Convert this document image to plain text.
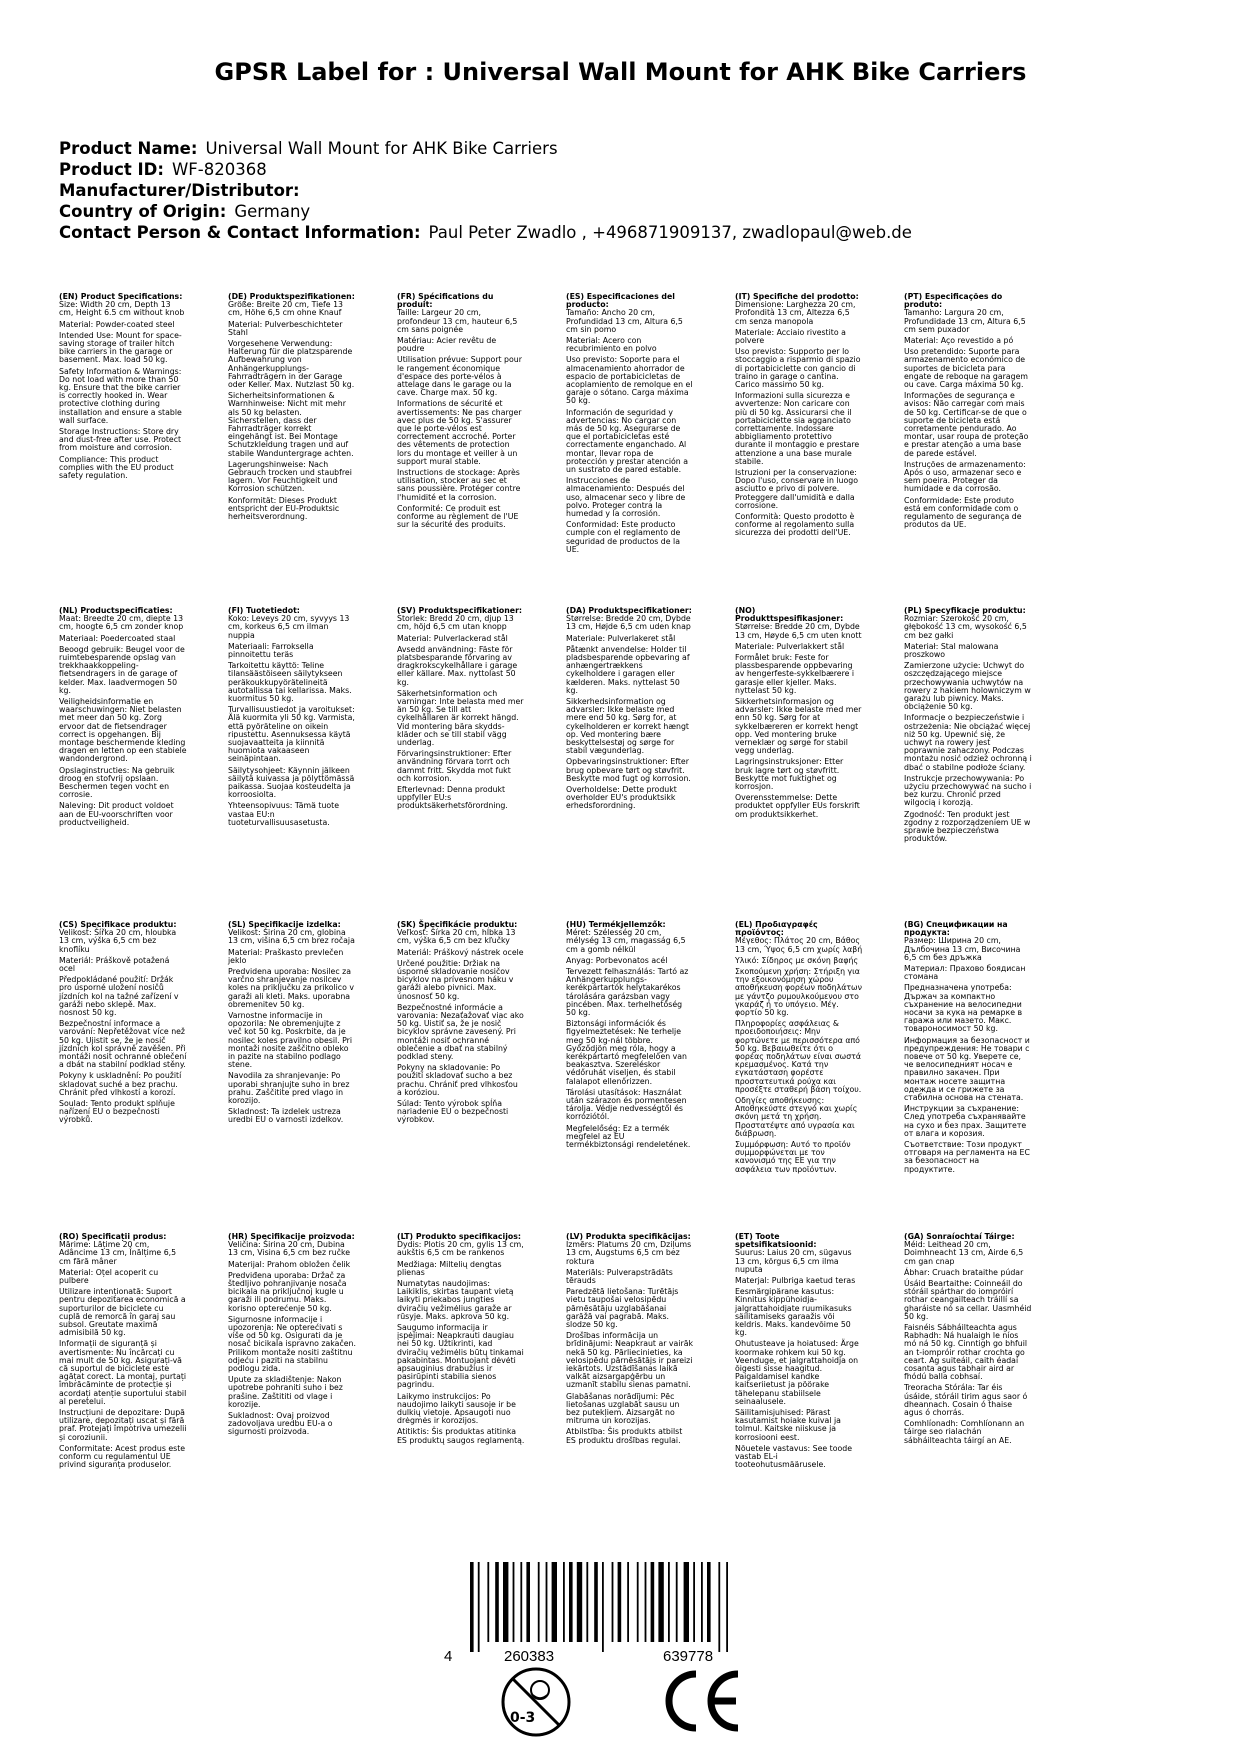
GPSR Label for : Universal Wall Mount for AHK Bike Carriers
Product Name: Universal Wall Mount for AHK Bike Carriers
Product ID: WF-820368
Manufacturer/Distributor:
Country of Origin: Germany
Contact Person & Contact Information: Paul Peter Zwadlo , +496871909137, zwadlopaul@web.de
(EN) Product Specifications:

Size: Width 20 cm, Depth 13 cm, Height 6.5 cm without knob

Material: Powder-coated steel

Intended Use: Mount for space-saving storage of trailer hitch bike carriers in the garage or basement. Max. load 50 kg.

Safety Information & Warnings: Do not load with more than 50 kg. Ensure that the bike carrier is correctly hooked in. Wear protective clothing during installation and ensure a stable wall surface.

Storage Instructions: Store dry and dust-free after use. Protect from moisture and corrosion.

Compliance: This product complies with the EU product safety regulation.

(DE) Produktspezifikationen:

Größe: Breite 20 cm, Tiefe 13 cm, Höhe 6,5 cm ohne Knauf

Material: Pulverbeschichteter Stahl

Vorgesehene Verwendung: Halterung für die platzsparende Aufbewahrung von Anhängerkupplungs-Fahrradträgern in der Garage oder Keller. Max. Nutzlast 50 kg.

Sicherheitsinformationen & Warnhinweise: Nicht mit mehr als 50 kg belasten. Sicherstellen, dass der Fahrradträger korrekt eingehängt ist. Bei Montage Schutzkleidung tragen und auf stabile Wanduntergrage achten.

Lagerungshinweise: Nach Gebrauch trocken und staubfrei lagern. Vor Feuchtigkeit und Korrosion schützen.

Konformität: Dieses Produkt entspricht der EU-Produktsic herheitsverordnung.

(FR) Spécifications du produit:

Taille: Largeur 20 cm, profondeur 13 cm, hauteur 6,5 cm sans poignée

Matériau: Acier revêtu de poudre

Utilisation prévue: Support pour le rangement économique d'espace des porte-vélos à attelage dans le garage ou la cave. Charge max. 50 kg.

Informations de sécurité et avertissements: Ne pas charger avec plus de 50 kg. S'assurer que le porte-vélos est correctement accroché. Porter des vêtements de protection lors du montage et veiller à un support mural stable.

Instructions de stockage: Après utilisation, stocker au sec et sans poussière. Protéger contre l'humidité et la corrosion.

Conformité: Ce produit est conforme au règlement de l'UE sur la sécurité des produits.

(ES) Especificaciones del producto:

Tamaño: Ancho 20 cm, Profundidad 13 cm, Altura 6,5 cm sin pomo

Material: Acero con recubrimiento en polvo

Uso previsto: Soporte para el almacenamiento ahorrador de espacio de portabicicletas de acoplamiento de remolque en el garaje o sótano. Carga máxima 50 kg.

Información de seguridad y advertencias: No cargar con más de 50 kg. Asegurarse de que el portabicicletas esté correctamente enganchado. Al montar, llevar ropa de protección y prestar atención a un sustrato de pared estable.

Instrucciones de almacenamiento: Después del uso, almacenar seco y libre de polvo. Proteger contra la humedad y la corrosión.

Conformidad: Este producto cumple con el reglamento de seguridad de productos de la UE.

(IT) Specifiche del prodotto:

Dimensione: Larghezza 20 cm, Profondità 13 cm, Altezza 6,5 cm senza manopola

Materiale: Acciaio rivestito a polvere

Uso previsto: Supporto per lo stoccaggio a risparmio di spazio di portabiciclette con gancio di traino in garage o cantina. Carico massimo 50 kg.

Informazioni sulla sicurezza e avvertenze: Non caricare con più di 50 kg. Assicurarsi che il portabiciclette sia agganciato correttamente. Indossare abbigliamento protettivo durante il montaggio e prestare attenzione a una base murale stabile.

Istruzioni per la conservazione: Dopo l'uso, conservare in luogo asciutto e privo di polvere. Proteggere dall'umidità e dalla corrosione.

Conformità: Questo prodotto è conforme al regolamento sulla sicurezza dei prodotti dell'UE.

(PT) Especificações do produto:

Tamanho: Largura 20 cm, Profundidade 13 cm, Altura 6,5 cm sem puxador

Material: Aço revestido a pó

Uso pretendido: Suporte para armazenamento económico de suportes de bicicleta para engate de reboque na garagem ou cave. Carga máxima 50 kg.

Informações de segurança e avisos: Não carregar com mais de 50 kg. Certificar-se de que o suporte de bicicleta está corretamente pendurado. Ao montar, usar roupa de proteção e prestar atenção a uma base de parede estável.

Instruções de armazenamento: Após o uso, armazenar seco e sem poeira. Proteger da humidade e da corrosão.

Conformidade: Este produto está em conformidade com o regulamento de segurança de produtos da UE.

(NL) Productspecificaties:

Maat: Breedte 20 cm, diepte 13 cm, hoogte 6,5 cm zonder knop

Materiaal: Poedercoated staal

Beoogd gebruik: Beugel voor de ruimtebesparende opslag van trekkhaakkoppeling-fietsendragers in de garage of kelder. Max. laadvermogen 50 kg.

Veiligheidsinformatie en waarschuwingen: Niet belasten met meer dan 50 kg. Zorg ervoor dat de fietsendrager correct is opgehangen. Bij montage beschermende kleding dragen en letten op een stabiele wandondergrond.

Opslaginstructies: Na gebruik droog en stofvrij opslaan. Beschermen tegen vocht en corrosie.

Naleving: Dit product voldoet aan de EU-voorschriften voor productveiligheid.

(FI) Tuotetiedot:

Koko: Leveys 20 cm, syvyys 13 cm, korkeus 6,5 cm ilman nuppia

Materiaali: Farroksella pinnoitettu teräs

Tarkoitettu käyttö: Teline tilansäästöiseen säilytykseen peräkoukkupyörätelineitä autotallissa tai kellarissa. Maks. kuormitus 50 kg.

Turvallisuustiedot ja varoitukset: Älä kuormita yli 50 kg. Varmista, että pyöräteline on oikein ripustettu. Asennuksessa käytä suojavaatteita ja kiinnitä huomiota vakaaseen seinäpintaan.

Säilytysohjeet: Käynnin jälkeen säilytä kuivassa ja pölyttömässä paikassa. Suojaa kosteudelta ja korroosiolta.

Yhteensopivuus: Tämä tuote vastaa EU:n tuoteturvallisuusasetusta.

(SV) Produktspecifikationer:

Storlek: Bredd 20 cm, djup 13 cm, höjd 6,5 cm utan knopp

Material: Pulverlackerad stål

Avsedd användning: Fäste för platsbesparande förvaring av dragkrokscykelhållare i garage eller källare. Max. nyttolast 50 kg.

Säkerhetsinformation och varningar: Inte belasta med mer än 50 kg. Se till att cykelhållaren är korrekt hängd. Vid montering bära skydds-kläder och se till stabil vägg underlag.

Förvaringsinstruktioner: Efter användning förvara torrt och dammt fritt. Skydda mot fukt och korrosion.

Efterlevnad: Denna produkt uppfyller EU:s produktsäkerhetsförordning.

(DA) Produktspecifikationer:

Størrelse: Bredde 20 cm, Dybde 13 cm, Højde 6,5 cm uden knap

Materiale: Pulverlakeret stål

Påtænkt anvendelse: Holder til pladsbesparende opbevaring af anhængertrækkens cykelholdere i garagen eller kælderen. Maks. nyttelast 50 kg.

Sikkerhedsinformation og advarsler: Ikke belaste med mere end 50 kg. Sørg for, at cykelholderen er korrekt hængt op. Ved montering bære beskyttelsestøj og sørge for stabil vægunderlag.

Opbevaringsinstruktioner: Efter brug opbevare tørt og støvfrit. Beskytte mod fugt og korrosion.

Overholdelse: Dette produkt overholder EU's produktsikk erhedsforordning.

(NO) Produkttspesifikasjoner:

Størrelse: Bredde 20 cm, Dybde 13 cm, Høyde 6,5 cm uten knott

Materiale: Pulverlakkert stål

Formålet bruk: Feste for plassbesparende oppbevaring av hengerfeste-sykkelbærere i garasje eller kjeller. Maks. nyttelast 50 kg.

Sikkerhetsinformasjon og advarsler: Ikke belaste med mer enn 50 kg. Sørg for at sykkelbæreren er korrekt hengt opp. Ved montering bruke verneklær og sørge for stabil vegg underlag.

Lagringsinstruksjoner: Etter bruk lagre tørt og støvfritt. Beskytte mot fuktighet og korrosjon.

Overensstemmelse: Dette produktet oppfyller EUs forskrift om produktsikkerhet.

(PL) Specyfikacje produktu:

Rozmiar: Szerokość 20 cm, głębokość 13 cm, wysokość 6,5 cm bez gałki

Materiał: Stal malowana proszkowo

Zamierzone użycie: Uchwyt do oszczędzającego miejsce przechowywania uchwytów na rowery z hakiem holowniczym w garażu lub piwnicy. Maks. obciążenie 50 kg.

Informacje o bezpieczeństwie i ostrzeżenia: Nie obciążać więcej niż 50 kg. Upewnić się, że uchwyt na rowery jest poprawnie zahaczony. Podczas montażu nosić odzież ochronną i dbać o stabilne podłoże ściany.

Instrukcje przechowywania: Po użyciu przechowywać na sucho i bez kurzu. Chronić przed wilgocią i korozją.

Zgodność: Ten produkt jest zgodny z rozporządzeniem UE w sprawie bezpieczeństwa produktów.

(CS) Specifikace produktu:

Velikost: Šířka 20 cm, hloubka 13 cm, výška 6,5 cm bez knoflíku

Materiál: Práškově potažená ocel

Předpokládané použití: Držák pro úsporné uložení nosičů jízdních kol na tažné zařízení v garáži nebo sklepě. Max. nosnost 50 kg.

Bezpečnostní informace a varování: Nepřetěžovat více než 50 kg. Ujistit se, že je nosič jízdních kol správně zavěšen. Při montáži nosit ochranné oblečení a dbát na stabilní podklad stěny.

Pokyny k uskladnění: Po použití skladovat suché a bez prachu. Chránit před vlhkostí a korozí.

Soulad: Tento produkt splňuje nařízení EU o bezpečnosti výrobků.

(SL) Specifikacije izdelka:

Velikost: Širina 20 cm, globina 13 cm, višina 6,5 cm brez ročaja

Material: Praškasto prevlečen jeklo

Predvidena uporaba: Nosilec za varčno shranjevanje nosilcev koles na priključku za prikolico v garaži ali kleti. Maks. uporabna obremenitev 50 kg.

Varnostne informacije in opozorila: Ne obremenjujte z več kot 50 kg. Poskrbite, da je nosilec koles pravilno obesil. Pri montaži nosite zaščitno obleko in pazite na stabilno podlago stene.

Navodila za shranjevanje: Po uporabi shranjujte suho in brez prahu. Zaščitite pred vlago in korozijo.

Skladnost: Ta izdelek ustreza uredbi EU o varnosti izdelkov.

(SK) Špecifikácie produktu:

Veľkosť: Šírka 20 cm, hĺbka 13 cm, výška 6,5 cm bez kľučky

Materiál: Práškový nástrek ocele

Určené použitie: Držiak na úsporné skladovanie nosičov bicyklov na prívesnom háku v garáži alebo pivnici. Max. únosnosť 50 kg.

Bezpečnostné informácie a varovania: Nezaťažovať viac ako 50 kg. Uistiť sa, že je nosič bicyklov správne zavesený. Pri montáži nosiť ochranné oblečenie a dbať na stabilný podklad steny.

Pokyny na skladovanie: Po použití skladovať sucho a bez prachu. Chrániť pred vlhkosťou a koróziou.

Súlad: Tento výrobok spĺňa nariadenie EÚ o bezpečnosti výrobkov.

(HU) Termékjellemzők:

Méret: Szélesség 20 cm, mélység 13 cm, magasság 6,5 cm a gomb nélkül

Anyag: Porbevonatos acél

Tervezett felhasználás: Tartó az Anhängerkupplungs-kerékpártartók helytakarékos tárolására garázsban vagy pincében. Max. terhelhetőség 50 kg.

Biztonsági információk és figyelmeztetések: Ne terhelje meg 50 kg-nál többre. Győződjön meg róla, hogy a kerékpártartó megfelelően van beakasztva. Szereléskor védőruhát viseljen, és stabil falalapot ellenőrizzen.

Tárolási utasítások: Használat után szárazon és pormentesen tárolja. Védje nedvességtől és korróziótól.

Megfelelőség: Ez a termék megfelel az EU termékbiztonsági rendeletének.

(EL) Προδιαγραφές προϊόντος:

Μέγεθος: Πλάτος 20 cm, Βάθος 13 cm, Ύψος 6,5 cm χωρίς λαβή

Υλικό: Σίδηρος με σκόνη βαφής

Σκοπούμενη χρήση: Στήριξη για την εξοικονόμηση χώρου αποθήκευση φορέων ποδηλάτων με γάντζο ρυμουλκούμενου στο γκαράζ ή το υπόγειο. Μέγ. φορτίο 50 kg.

Πληροφορίες ασφάλειας & προειδοποιήσεις: Μην φορτώνετε με περισσότερα από 50 kg. Βεβαιωθείτε ότι ο φορέας ποδηλάτων είναι σωστά κρεμασμένος. Κατά την εγκατάσταση φορέστε προστατευτικά ρούχα και προσέξτε σταθερή βάση τοίχου.

Οδηγίες αποθήκευσης: Αποθηκεύστε στεγνό και χωρίς σκόνη μετά τη χρήση. Προστατέψτε από υγρασία και διάβρωση.

Συμμόρφωση: Αυτό το προϊόν συμμορφώνεται με τον κανονισμό της ΕΕ για την ασφάλεια των προϊόντων.

(BG) Спецификации на продукта:

Размер: Ширина 20 cm, Дълбочина 13 cm, Височина 6,5 cm без дръжка

Материал: Прахово боядисан стомана

Предназначена употреба: Държач за компактно съхранение на велосипедни носачи за кука на ремарке в гаража или мазето. Макс. товароносимост 50 kg.

Информация за безопасност и предупреждения: Не товари с повече от 50 kg. Уверете се, че велосипедният носач е правилно закачен. При монтаж носете защитна одежда и се грижете за стабилна основа на стената.

Инструкции за съхранение: След употреба съхранявайте на сухо и без прах. Защитете от влага и корозия.

Съответствие: Този продукт отговаря на регламента на ЕС за безопасност на продуктите.

(RO) Specificații produs:

Mărime: Lățime 20 cm, Adâncime 13 cm, Înălțime 6,5 cm fără mâner

Material: Oțel acoperit cu pulbere

Utilizare intenționată: Suport pentru depozitarea economică a suporturilor de biciclete cu cuplă de remorcă în garaj sau subsol. Greutate maximă admisibilă 50 kg.

Informații de siguranță și avertismente: Nu încărcați cu mai mult de 50 kg. Asigurați-vă că suportul de biciclete este agățat corect. La montaj, purtați îmbrăcăminte de protecție și acordați atenție suportului stabil al peretelui.

Instrucțiuni de depozitare: După utilizare, depozitați uscat și fără praf. Protejați împotriva umezelii și coroziunii.

Conformitate: Acest produs este conform cu regulamentul UE privind siguranța produselor.

(HR) Specifikacije proizvoda:

Veličina: Širina 20 cm, Dubina 13 cm, Visina 6,5 cm bez ručke

Materijal: Prahom obložen čelik

Predviđena uporaba: Držač za štedljivo pohranjivanje nosača bicikala na priključnoj kugle u garaži ili podrumu. Maks. korisno opterećenje 50 kg.

Sigurnosne informacije i upozorenja: Ne opterećivati s više od 50 kg. Osigurati da je nosač bicikala ispravno zakačen. Prilikom montaže nositi zaštitnu odjeću i paziti na stabilnu podlogu zida.

Upute za skladištenje: Nakon upotrebe pohraniti suho i bez prašine. Zaštititi od vlage i korozije.

Sukladnost: Ovaj proizvod zadovoljava uredbu EU-a o sigurnosti proizvoda.

(LT) Produkto specifikacijos:

Dydis: Plotis 20 cm, gylis 13 cm, aukštis 6,5 cm be rankenos

Medžiaga: Miltelių dengtas plienas

Numatytas naudojimas: Laikiklis, skirtas taupant vietą laikyti priekabos jungties dviračių vežimėlius garaže ar rūsyje. Maks. apkrova 50 kg.

Saugumo informacija ir įspėjimai: Neapkrauti daugiau nei 50 kg. Užtikrinti, kad dviračių vežimėlis būtų tinkamai pakabintas. Montuojant dėvėti apsauginius drabužius ir pasirūpinti stabilia sienos pagrindu.

Laikymo instrukcijos: Po naudojimo laikyti sausoje ir be dulkių vietoje. Apsaugoti nuo drėgmės ir korozijos.

Atitiktis: Šis produktas atitinka ES produktų saugos reglamentą.

(LV) Produkta specifikācijas:

Izmērs: Platums 20 cm, Dziļums 13 cm, Augstums 6,5 cm bez roktura

Materiāls: Pulverapstrādāts tērauds

Paredzētā lietošana: Turētājs vietu taupošai velosipēdu pārnēsātāju uzglabāšanai garāžā vai pagrabā. Maks. slodze 50 kg.

Drošības informācija un brīdinājumi: Neapkraut ar vairāk nekā 50 kg. Pārliecinieties, ka velosipēdu pārnēsātājs ir pareizi iekārtots. Uzstādīšanas laikā valkāt aizsargapģērbu un uzmanīt stabilu sienas pamatni.

Glabāšanas norādījumi: Pēc lietošanas uzglabāt sausu un bez putekļiem. Aizsargāt no mitruma un korozijas.

Atbilstība: Šis produkts atbilst ES produktu drošības regulai.

(ET) Toote spetsifikatsioonid:

Suurus: Laius 20 cm, sügavus 13 cm, kõrgus 6,5 cm ilma nuputa

Materjal: Pulbriga kaetud teras

Eesmärgipärane kasutus: Kinnitus kippühoidja-jalgrattahoidjate ruumikasuks säilitamiseks garaažis või keldris. Maks. kandevõime 50 kg.

Ohutusteave ja hoiatused: Ärge koormake rohkem kui 50 kg. Veenduge, et jalgrattahoidja on õigesti sisse haagitud. Paigaldamisel kandke kaitseriietust ja pöörake tähelepanu stabiilsele seinaalusele.

Säilitamisjuhised: Pärast kasutamist hoiake kuival ja tolmul. Kaitske niiskuse ja korrosiooni eest.

Nõuetele vastavus: See toode vastab EL-i tooteohutusmääruselе.

(GA) Sonraíochtaí Táirge:

Méid: Leithead 20 cm, Doimhneacht 13 cm, Airde 6,5 cm gan cnap

Ábhar: Cruach brataithe púdar

Úsáid Beartaithe: Coinneáil do stóráil spárthar do iompróirí rothar ceangailteach tráillí sa gharáiste nó sa cellar. Uasmhéid 50 kg.

Faisnéis Sábháilteachta agus Rabhadh: Ná hualaigh le níos mó ná 50 kg. Cinntigh go bhfuil an t-iompróir rothar crochta go ceart. Ag suiteáil, caith éadaí cosanta agus tabhair aird ar fhódú balla cobhsaí.

Treoracha Stórála: Tar éis úsáide, stóráil tirim agus saor ó dheannach. Cosain ó thaise agus ó chorrás.

Comhlíonadh: Comhlíonann an táirge seo rialachán sábháilteachta táirgí an AE.

4	260383	639778
0-3
